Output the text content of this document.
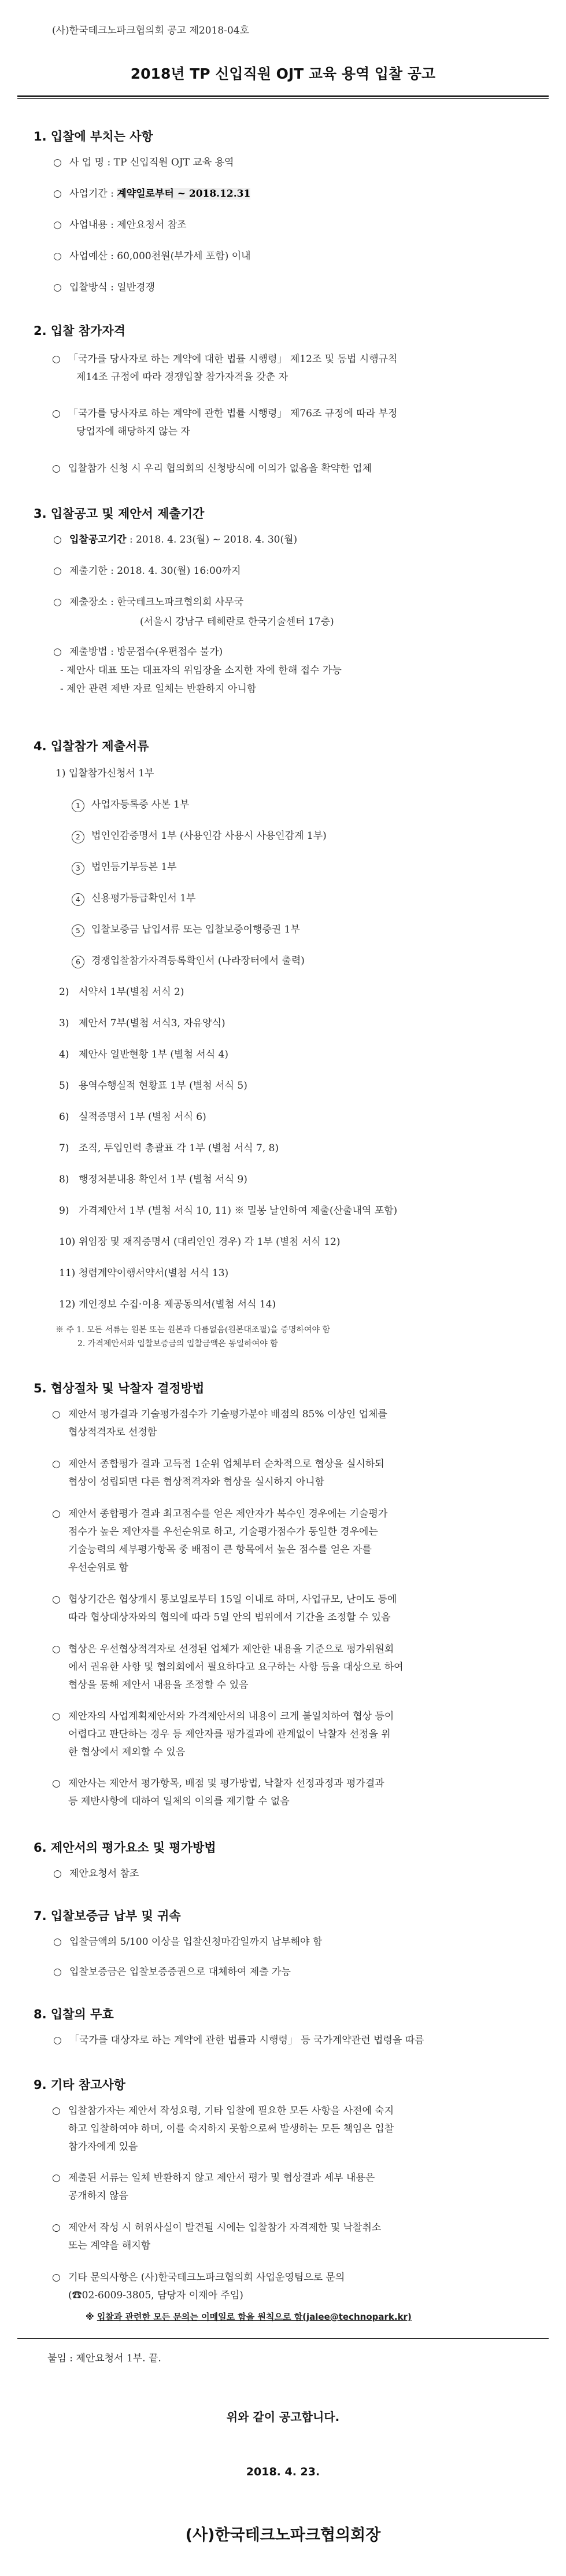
(사)한국테크노파크협의회 공고 제2018-04호
2018년 TP 신입직원 OJT 교육 용역 입찰 공고
1. 입찰에 부치는 사항
○ 사 업 명 : TP 신입직원 OJT 교육 용역
○ 사업기간 : 계약일로부터 ~ 2018.12.31
○ 사업내용 : 제안요청서 참조
○ 사업예산 : 60,000천원(부가세 포함) 이내
○ 입찰방식 : 일반경쟁
2. 입찰 참가자격
○ 「국가를 당사자로 하는 계약에 대한 법률 시행령」 제12조 및 동법 시행규칙
제14조 규정에 따라 경쟁입찰 참가자격을 갖춘 자
○ 「국가를 당사자로 하는 계약에 관한 법률 시행령」 제76조 규정에 따라 부정
당업자에 해당하지 않는 자
○ 입찰참가 신청 시 우리 협의회의 신청방식에 이의가 없음을 확약한 업체
3. 입찰공고 및 제안서 제출기간
○ 입찰공고기간 : 2018. 4. 23(월) ~ 2018. 4. 30(월)
○ 제출기한 : 2018. 4. 30(월) 16:00까지
○ 제출장소 : 한국테크노파크협의회 사무국
(서울시 강남구 테헤란로 한국기술센터 17층)
○ 제출방법 : 방문접수(우편접수 불가)
- 제안사 대표 또는 대표자의 위임장을 소지한 자에 한해 접수 가능
- 제안 관련 제반 자료 일체는 반환하지 아니함
4. 입찰참가 제출서류
1) 입찰참가신청서 1부
1	사업자등록증 사본 1부
2	법인인감증명서 1부 (사용인감 사용시 사용인감계 1부)
3	법인등기부등본 1부
4	신용평가등급확인서 1부
5	입찰보증금 납입서류 또는 입찰보증이행증권 1부
6	경쟁입찰참가자격등록확인서 (나라장터에서 출력)
2) 서약서 1부(별첨 서식 2)
3) 제안서 7부(별첨 서식3, 자유양식)
4) 제안사 일반현황 1부 (별첨 서식 4)
5) 용역수행실적 현황표 1부 (별첨 서식 5)
6) 실적증명서 1부 (별첨 서식 6)
7) 조직, 투입인력 총괄표 각 1부 (별첨 서식 7, 8)
8) 행정처분내용 확인서 1부 (별첨 서식 9)
9) 가격제안서 1부 (별첨 서식 10, 11) ※ 밀봉 날인하여 제출(산출내역 포함)
10) 위임장 및 재직증명서 (대리인인 경우) 각 1부 (별첨 서식 12)
11) 청렴계약이행서약서(별첨 서식 13)
12) 개인정보 수집·이용 제공동의서(별첨 서식 14)
※ 주 1. 모든 서류는 원본 또는 원본과 다름없음(원본대조필)을 증명하여야 함
2. 가격제안서와 입찰보증금의 입찰금액은 동일하여야 함
5. 협상절차 및 낙찰자 결정방법
○ 제안서 평가결과 기술평가점수가 기술평가분야 배점의 85% 이상인 업체를
협상적격자로 선정함
○ 제안서 종합평가 결과 고득점 1순위 업체부터 순차적으로 협상을 실시하되
협상이 성립되면 다른 협상적격자와 협상을 실시하지 아니함
○ 제안서 종합평가 결과 최고점수를 얻은 제안자가 복수인 경우에는 기술평가
점수가 높은 제안자를 우선순위로 하고, 기술평가점수가 동일한 경우에는
기술능력의 세부평가항목 중 배점이 큰 항목에서 높은 점수를 얻은 자를
우선순위로 함
○ 협상기간은 협상개시 통보일로부터 15일 이내로 하며, 사업규모, 난이도 등에
따라 협상대상자와의 협의에 따라 5일 안의 범위에서 기간을 조정할 수 있음
○ 협상은 우선협상적격자로 선정된 업체가 제안한 내용을 기준으로 평가위원회
에서 권유한 사항 및 협의회에서 필요하다고 요구하는 사항 등을 대상으로 하여
협상을 통해 제안서 내용을 조정할 수 있음
○ 제안자의 사업계획제안서와 가격제안서의 내용이 크게 불일치하여 협상 등이
어렵다고 판단하는 경우 등 제안자를 평가결과에 관계없이 낙찰자 선정을 위
한 협상에서 제외할 수 있음
○ 제안사는 제안서 평가항목, 배점 및 평가방법, 낙찰자 선정과정과 평가결과
등 제반사항에 대하여 일체의 이의를 제기할 수 없음
6. 제안서의 평가요소 및 평가방법
○ 제안요청서 참조
7. 입찰보증금 납부 및 귀속
○ 입찰금액의 5/100 이상을 입찰신청마감일까지 납부해야 함
○ 입찰보증금은 입찰보증증권으로 대체하여 제출 가능
8. 입찰의 무효
○ 「국가를 대상자로 하는 계약에 관한 법률과 시행령」 등 국가계약관련 법령을 따름
9. 기타 참고사항
○ 입찰참가자는 제안서 작성요령, 기타 입찰에 필요한 모든 사항을 사전에 숙지
하고 입찰하여야 하며, 이를 숙지하지 못함으로써 발생하는 모든 책임은 입찰
참가자에게 있음
○ 제출된 서류는 일체 반환하지 않고 제안서 평가 및 협상결과 세부 내용은
공개하지 않음
○ 제안서 작성 시 허위사실이 발견될 시에는 입찰참가 자격제한 및 낙찰취소
또는 계약을 해지함
○ 기타 문의사항은 (사)한국테크노파크협의회 사업운영팀으로 문의
(☎02-6009-3805, 담당자 이재아 주임)
※ 입찰과 관련한 모든 문의는 이메일로 함을 원칙으로 함(jalee@technopark.kr)
붙임 : 제안요청서 1부. 끝.
위와 같이 공고합니다.
2018. 4. 23.
(사)한국테크노파크협의회장
